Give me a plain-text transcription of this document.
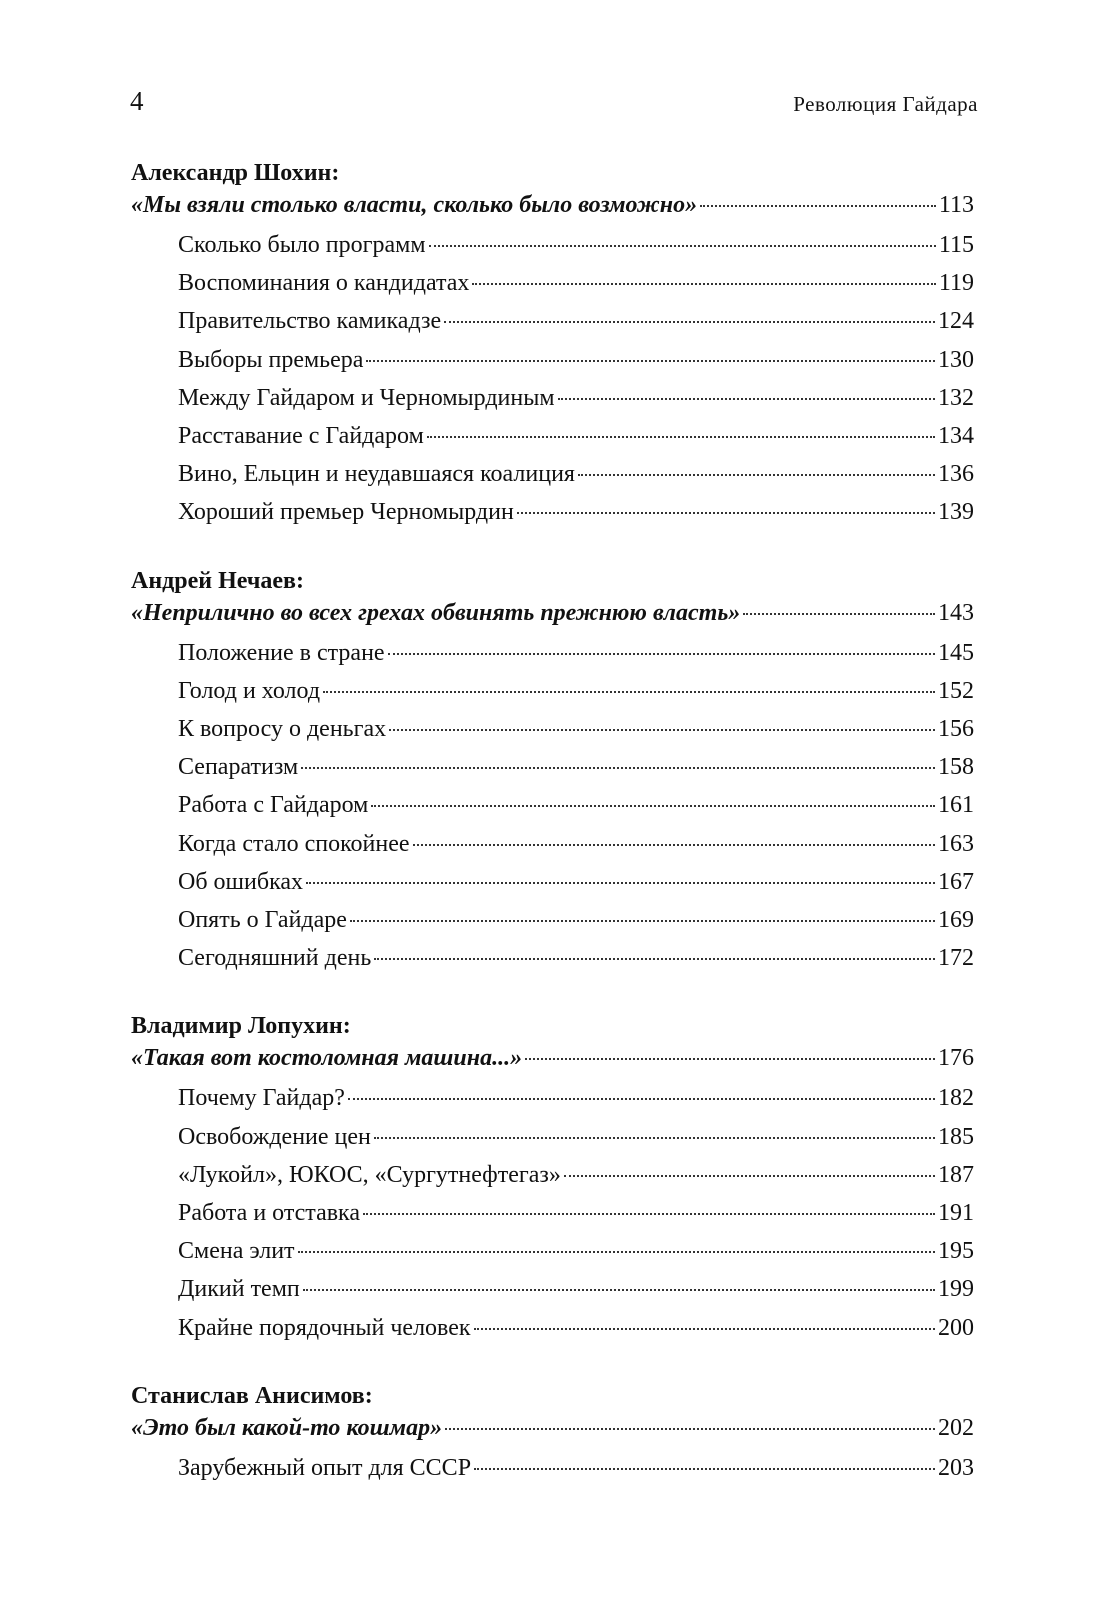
4	Революция Гайдара
Александр Шохин:
«Мы взяли столько власти, сколько было возможно»	113
Сколько было программ	115
Воспоминания о кандидатах	119
Правительство камикадзе	124
Выборы премьера	130
Между Гайдаром и Черномырдиным	132
Расставание с Гайдаром	134
Вино, Ельцин и неудавшаяся коалиция	136
Хороший премьер Черномырдин	139
Андрей Нечаев:
«Неприлично во всех грехах обвинять прежнюю власть»	143
Положение в стране	145
Голод и холод	152
К вопросу о деньгах	156
Сепаратизм	158
Работа с Гайдаром	161
Когда стало спокойнее	163
Об ошибках	167
Опять о Гайдаре	169
Сегодняшний день	172
Владимир Лопухин:
«Такая вот костоломная машина...»	176
Почему Гайдар?	182
Освобождение цен	185
«Лукойл», ЮКОС, «Сургутнефтегаз»	187
Работа и отставка	191
Смена элит	195
Дикий темп	199
Крайне порядочный человек	200
Станислав Анисимов:
«Это был какой-то кошмар»	202
Зарубежный опыт для СССР	203
